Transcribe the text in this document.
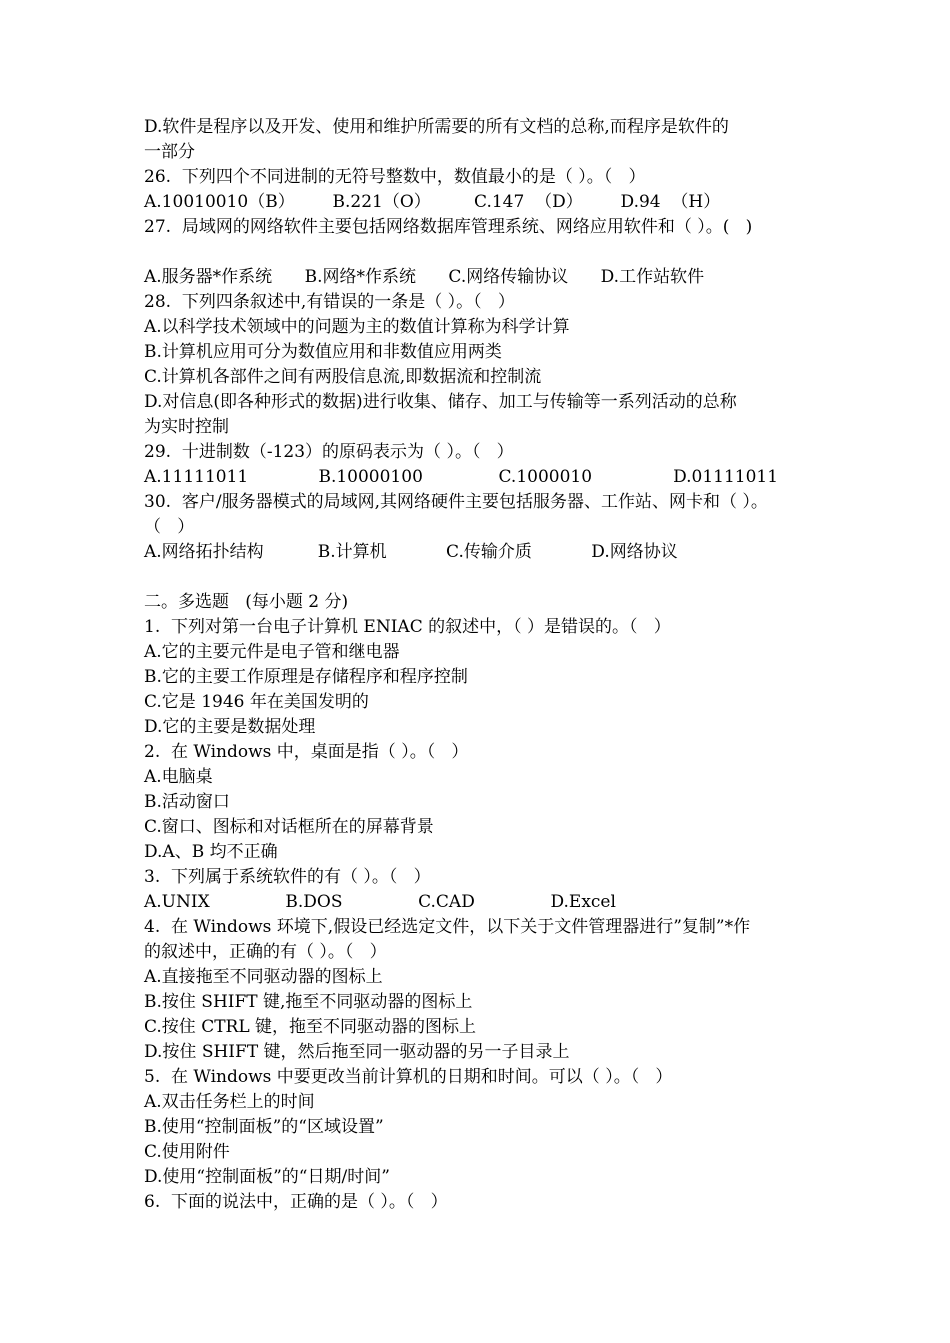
D.软件是程序以及开发、使用和维护所需要的所有文档的总称,而程序是软件的
一部分
26.  下列四个不同进制的无符号整数中，数值最小的是（ ）。（   ）
A.10010010（B）       B.221（O）        C.147  （D）       D.94  （H）
27.  局域网的网络软件主要包括网络数据库管理系统、网络应用软件和（ ）。(   )
A.服务器*作系统      B.网络*作系统      C.网络传输协议      D.工作站软件
28.  下列四条叙述中,有错误的一条是（ ）。（   ）
A.以科学技术领域中的问题为主的数值计算称为科学计算
B.计算机应用可分为数值应用和非数值应用两类
C.计算机各部件之间有两股信息流,即数据流和控制流
D.对信息(即各种形式的数据)进行收集、储存、加工与传输等一系列活动的总称
为实时控制
29.  十进制数（-123）的原码表示为（ ）。（   ）
A.11111011             B.10000100              C.1000010               D.01111011
30.  客户/服务器模式的局域网,其网络硬件主要包括服务器、工作站、网卡和（ ）。
（   ）
A.网络拓扑结构          B.计算机           C.传输介质           D.网络协议
二。多选题   (每小题 2 分)
1.  下列对第一台电子计算机 ENIAC 的叙述中，（ ）是错误的。（   ）
A.它的主要元件是电子管和继电器
B.它的主要工作原理是存储程序和程序控制
C.它是 1946 年在美国发明的
D.它的主要是数据处理
2.  在 Windows 中，桌面是指（ ）。（   ）
A.电脑桌
B.活动窗口
C.窗口、图标和对话框所在的屏幕背景
D.A、B 均不正确
3.  下列属于系统软件的有（ ）。（   ）
A.UNIX              B.DOS              C.CAD              D.Excel
4.  在 Windows 环境下,假设已经选定文件，以下关于文件管理器进行”复制”*作
的叙述中，正确的有（ ）。（   ）
A.直接拖至不同驱动器的图标上
B.按住 SHIFT 键,拖至不同驱动器的图标上
C.按住 CTRL 键，拖至不同驱动器的图标上
D.按住 SHIFT 键，然后拖至同一驱动器的另一子目录上
5.  在 Windows 中要更改当前计算机的日期和时间。可以（ ）。（   ）
A.双击任务栏上的时间
B.使用“控制面板”的“区域设置”
C.使用附件
D.使用“控制面板”的“日期/时间”
6.  下面的说法中，正确的是（ ）。（   ）
